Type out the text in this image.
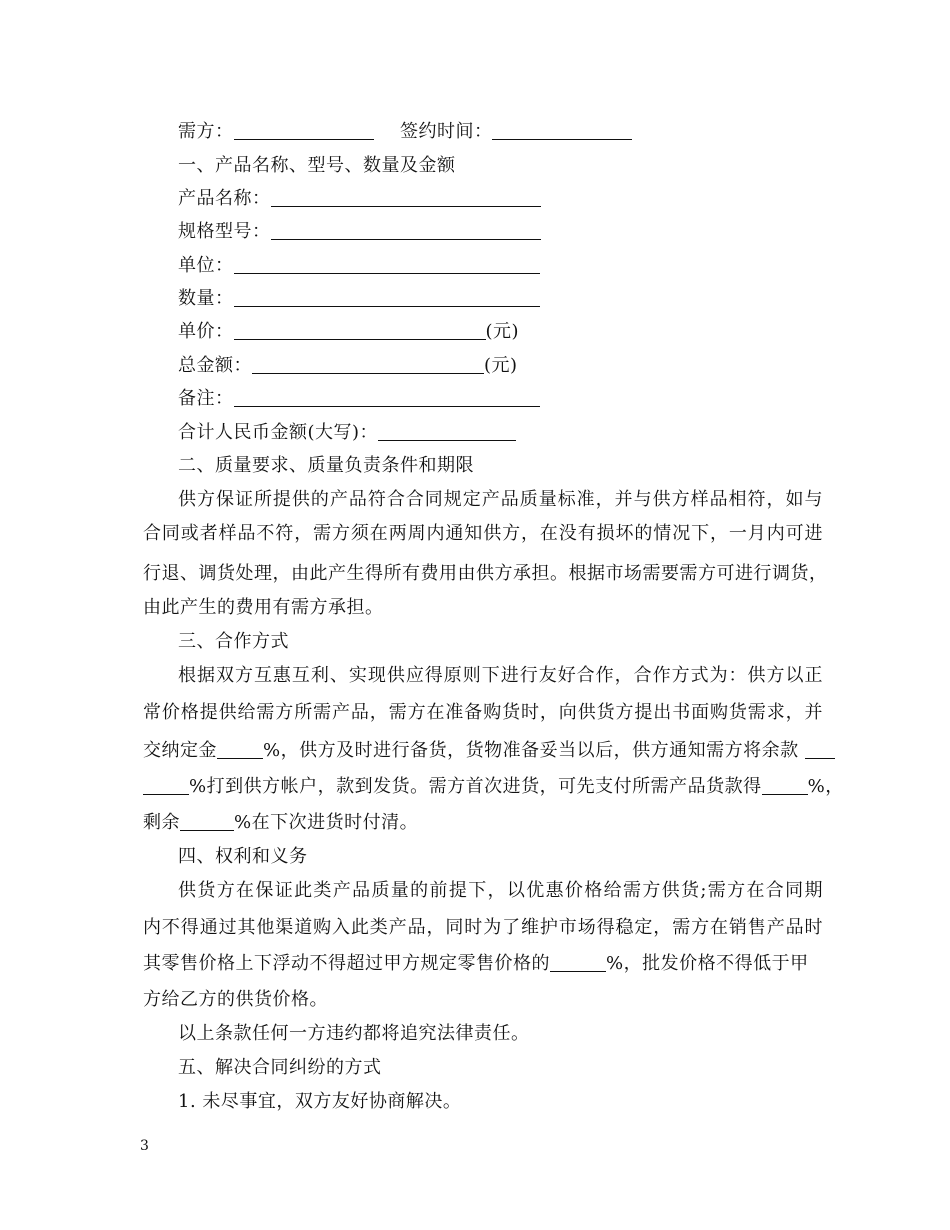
需方：	签约时间：
一、产品名称、型号、数量及金额
产品名称：
规格型号：
单位：
数量：
单价：	(元)
总金额：	(元)
备注：
合计人民币金额(大写)：
二、质量要求、质量负责条件和期限
供方保证所提供的产品符合合同规定产品质量标准，并与供方样品相符，如与
合同或者样品不符，需方须在两周内通知供方，在没有损坏的情况下，一月内可进
行退、调货处理，由此产生得所有费用由供方承担。根据市场需要需方可进行调货，
由此产生的费用有需方承担。
三、合作方式
根据双方互惠互利、实现供应得原则下进行友好合作，合作方式为：供方以正
常价格提供给需方所需产品，需方在准备购货时，向供货方提出书面购货需求，并
交纳定金	%，供方及时进行备货，货物准备妥当以后，供方通知需方将余款
%打到供方帐户，款到发货。需方首次进货，可先支付所需产品货款得	%，
剩余	%在下次进货时付清。
四、权利和义务
供货方在保证此类产品质量的前提下，以优惠价格给需方供货;需方在合同期
内不得通过其他渠道购入此类产品，同时为了维护市场得稳定，需方在销售产品时
其零售价格上下浮动不得超过甲方规定零售价格的	%，批发价格不得低于甲
方给乙方的供货价格。
以上条款任何一方违约都将追究法律责任。
五、解决合同纠纷的方式
1. 未尽事宜，双方友好协商解决。
3
